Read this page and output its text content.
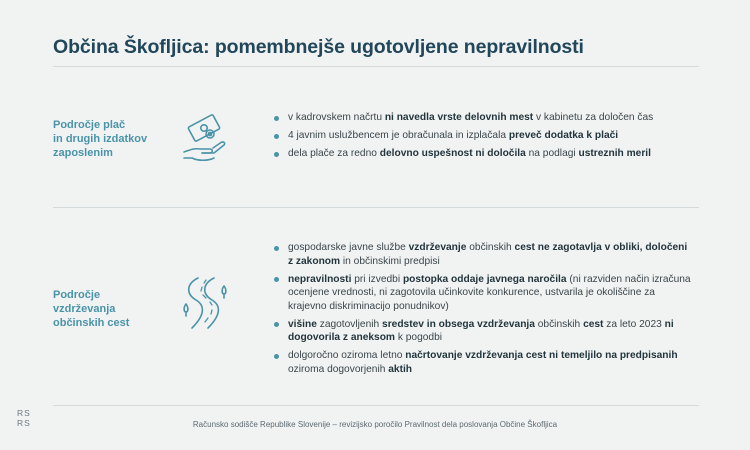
Občina Škofljica: pomembnejše ugotovljene nepravilnosti
Področje plač
in drugih izdatkov
zaposlenim
v kadrovskem načrtu ni navedla vrste delovnih mest v kabinetu za določen čas
4 javnim uslužbencem je obračunala in izplačala preveč dodatka k plači
dela plače za redno delovno uspešnost ni določila na podlagi ustreznih meril
Področje
vzdrževanja
občinskih cest
gospodarske javne službe vzdrževanje občinskih cest ne zagotavlja v obliki, določeni z zakonom in občinskimi predpisi
nepravilnosti pri izvedbi postopka oddaje javnega naročila (ni razviden način izračuna ocenjene vrednosti, ni zagotovila učinkovite konkurence, ustvarila je okoliščine za krajevno diskriminacijo ponudnikov)
višine zagotovljenih sredstev in obsega vzdrževanja občinskih cest za leto 2023 ni dogovorila z aneksom k pogodbi
dolgoročno oziroma letno načrtovanje vzdrževanja cest ni temeljilo na predpisanih oziroma dogovorjenih aktih
RS
RS	Računsko sodišče Republike Slovenije – revizijsko poročilo Pravilnost dela poslovanja Občine Škofljica
